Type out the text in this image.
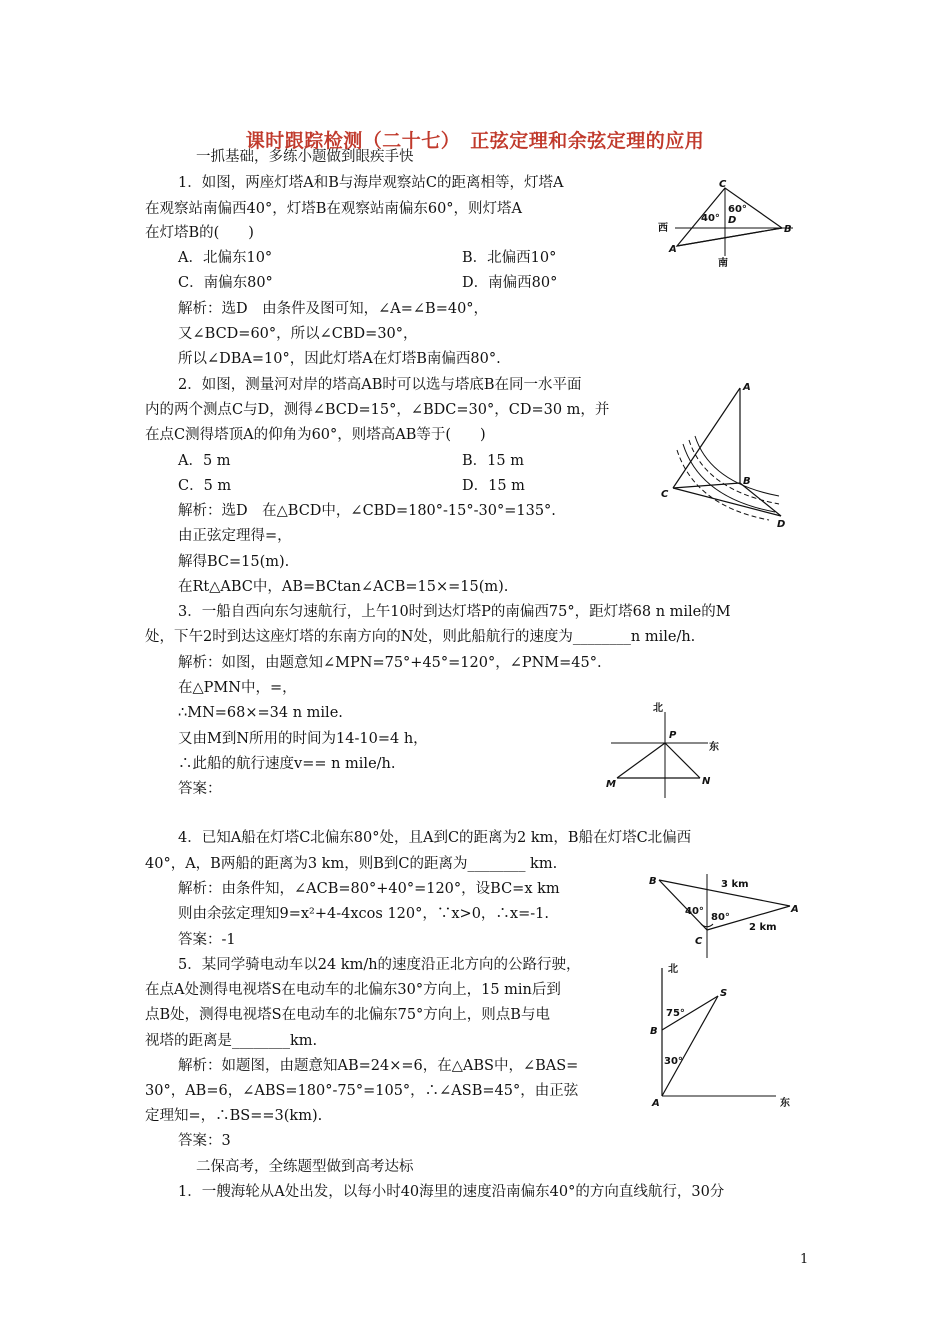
课时跟踪检测（二十七）　正弦定理和余弦定理的应用
一抓基础，多练小题做到眼疾手快
1．如图，两座灯塔A和B与海岸观察站C的距离相等，灯塔A
在观察站南偏西40°，灯塔B在观察站南偏东60°，则灯塔A
在灯塔B的(　　)
A．北偏东10°	B．北偏西10°
C．南偏东80°	D．南偏西80°
解析：选D　由条件及图可知，∠A=∠B=40°，
又∠BCD=60°，所以∠CBD=30°，
所以∠DBA=10°，因此灯塔A在灯塔B南偏西80°.
2．如图，测量河对岸的塔高AB时可以选与塔底B在同一水平面
内的两个测点C与D，测得∠BCD=15°，∠BDC=30°，CD=30 m，并
在点C测得塔顶A的仰角为60°，则塔高AB等于(　　)
A．5 m	B．15 m
C．5 m	D．15 m
解析：选D　在△BCD中，∠CBD=180°-15°-30°=135°.
由正弦定理得=，
解得BC=15(m).
在Rt△ABC中，AB=BCtan∠ACB=15×=15(m).
3．一船自西向东匀速航行，上午10时到达灯塔P的南偏西75°，距灯塔68 n mile的M
处，下午2时到达这座灯塔的东南方向的N处，则此船航行的速度为________n mile/h.
解析：如图，由题意知∠MPN=75°+45°=120°，∠PNM=45°.
在△PMN中，=，
∴MN=68×=34 n mile.
又由M到N所用的时间为14-10=4 h，
∴此船的航行速度v== n mile/h.
答案：
4．已知A船在灯塔C北偏东80°处，且A到C的距离为2 km，B船在灯塔C北偏西
40°，A，B两船的距离为3 km，则B到C的距离为________ km.
解析：由条件知，∠ACB=80°+40°=120°，设BC=x km
则由余弦定理知9=x²+4-4xcos 120°，∵x>0，∴x=-1.
答案：-1
5．某同学骑电动车以24 km/h的速度沿正北方向的公路行驶，
在点A处测得电视塔S在电动车的北偏东30°方向上，15 min后到
点B处，测得电视塔S在电动车的北偏东75°方向上，则点B与电
视塔的距离是________km.
解析：如题图，由题意知AB=24×=6，在△ABS中，∠BAS=
30°，AB=6，∠ABS=180°-75°=105°，∴∠ASB=45°，由正弦
定理知=，∴BS==3(km).
答案：3
二保高考，全练题型做到高考达标
1．一艘海轮从A处出发，以每小时40海里的速度沿南偏东40°的方向直线航行，30分
C
A
B
D
西
南
40°
60°
A
B
C
D
北
东
P
M	N
B
A
C
3 km
2 km
40°
80°
北
东
S
B
A
75°
30°
1
